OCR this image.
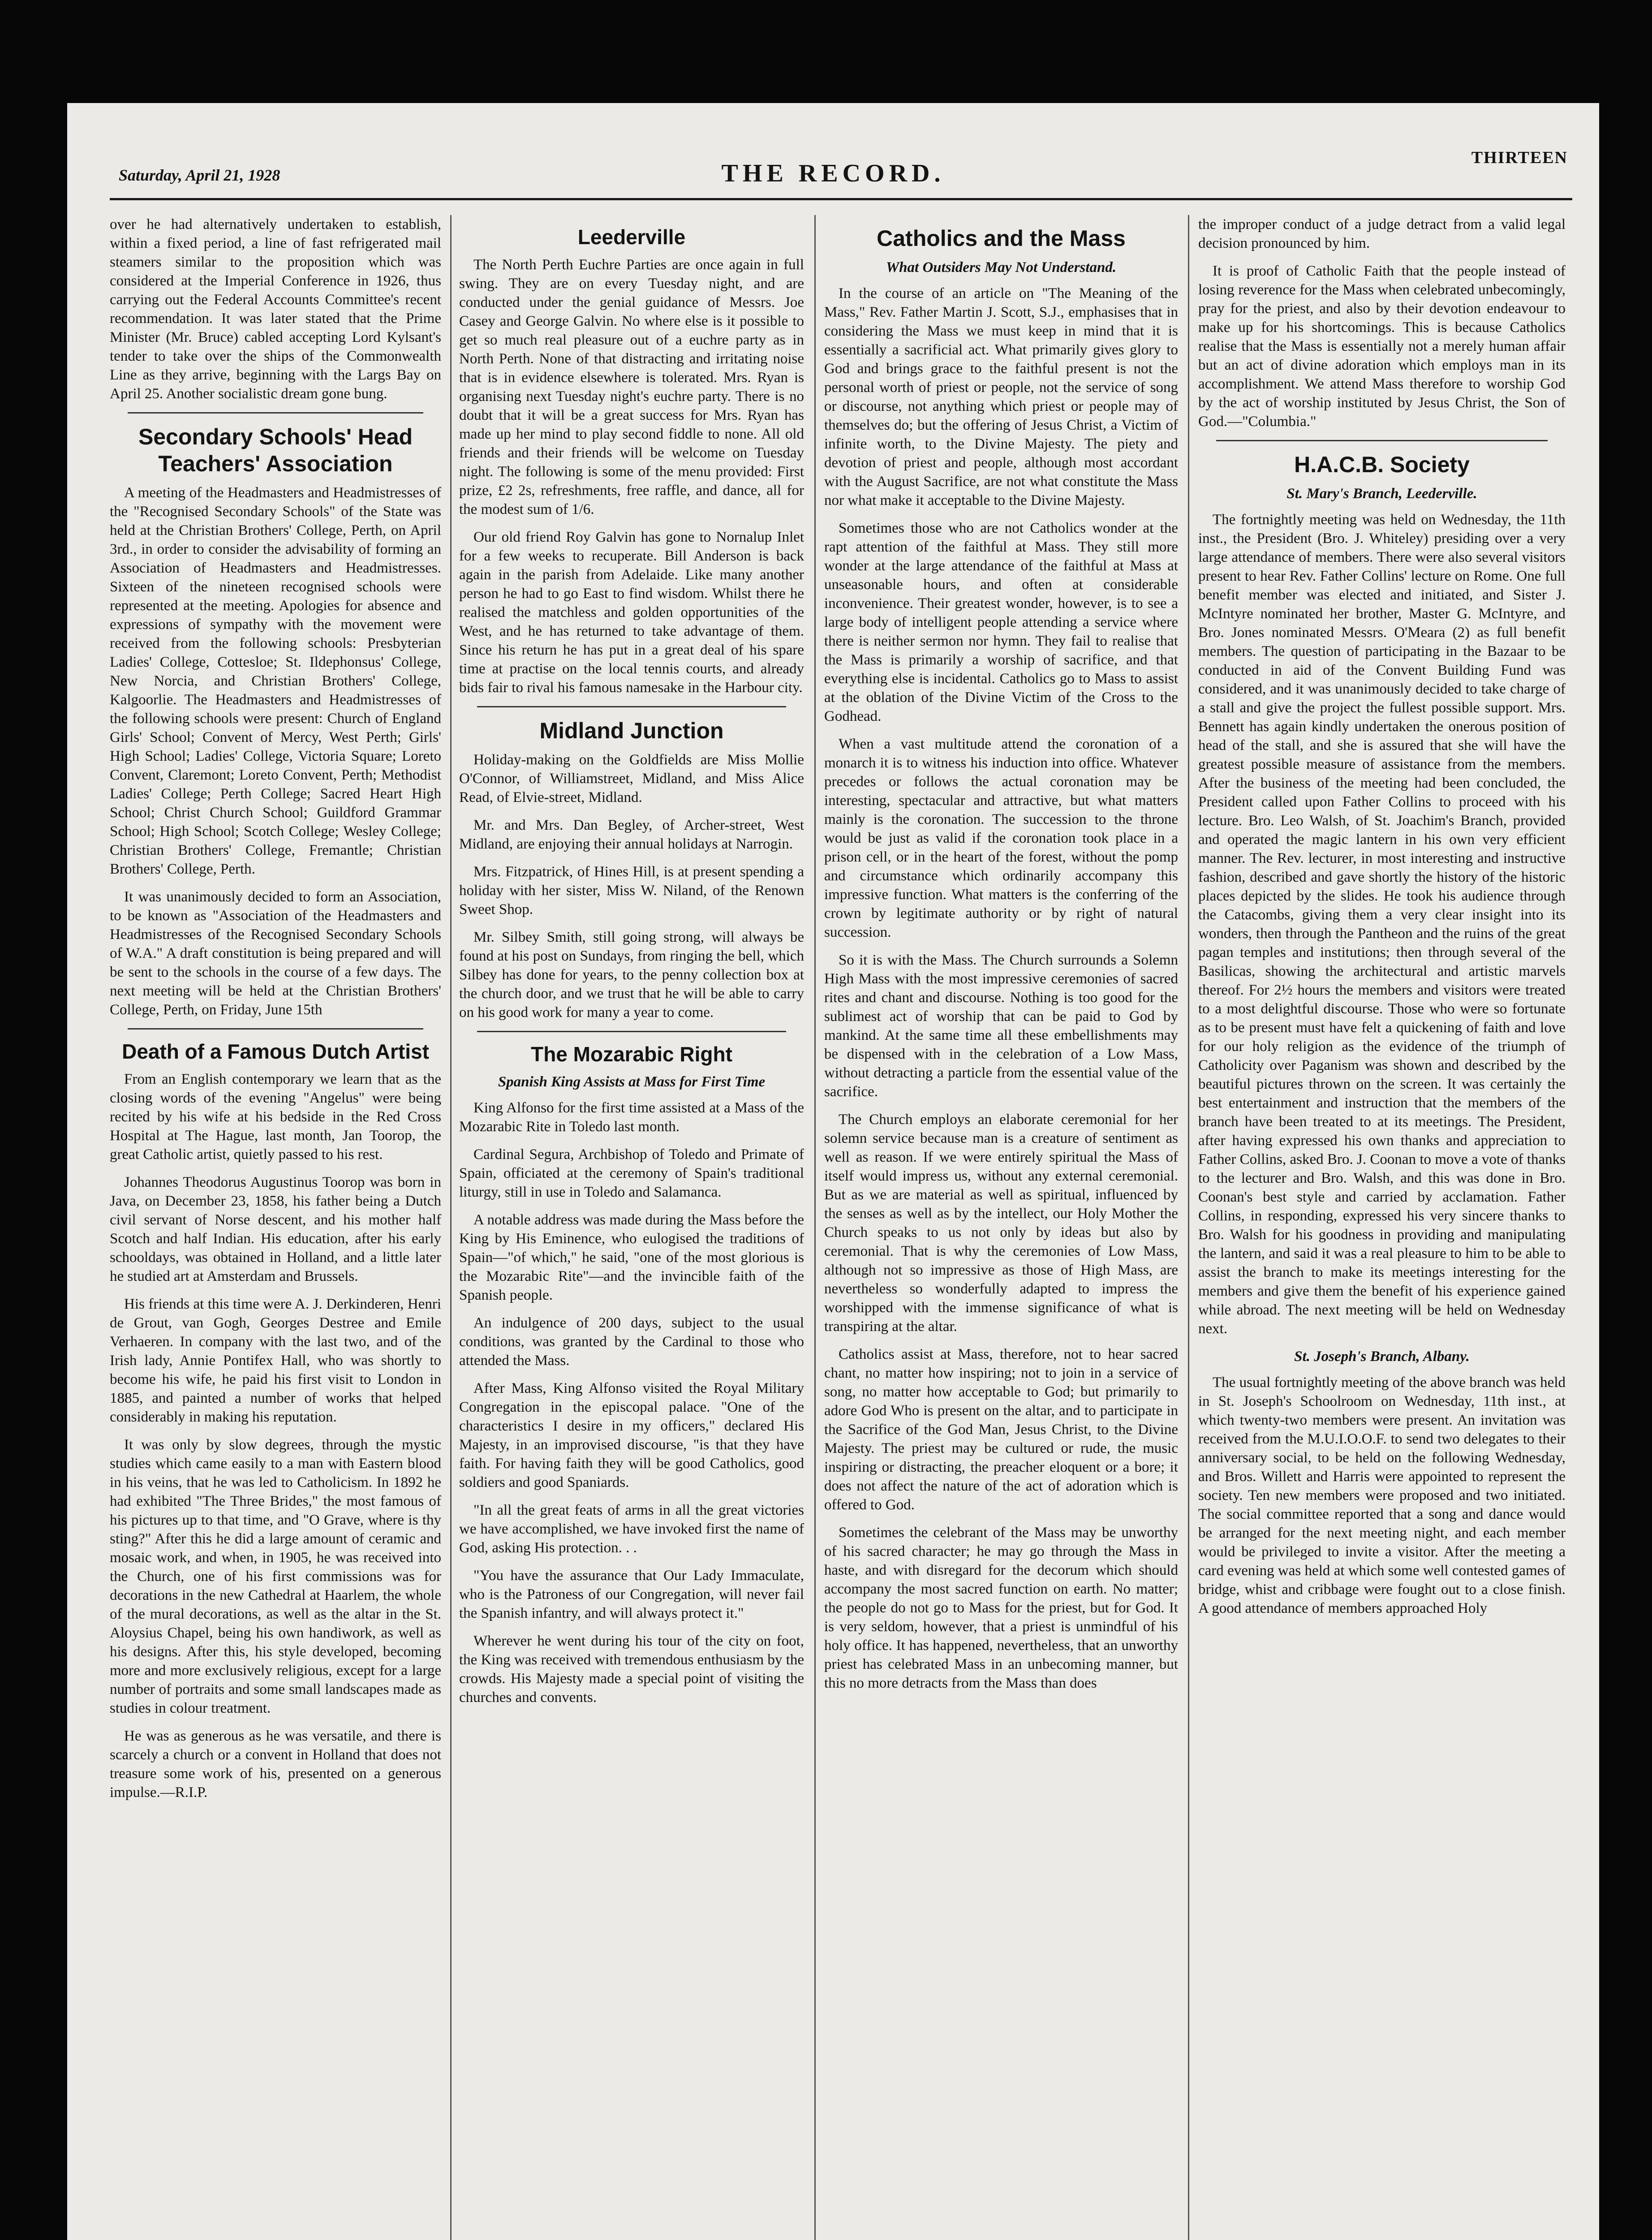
Saturday, April 21, 1928	THE RECORD.
THIRTEEN

over he had alternatively undertaken to establish, within a fixed period, a line of fast refrigerated mail steamers similar to the proposition which was considered at the Imperial Conference in 1926, thus carrying out the Federal Accounts Committee's recent recommendation. It was later stated that the Prime Minister (Mr. Bruce) cabled accepting Lord Kylsant's tender to take over the ships of the Commonwealth Line as they arrive, beginning with the Largs Bay on April 25. Another socialistic dream gone bung.

Secondary Schools' Head Teachers' Association

A meeting of the Headmasters and Headmistresses of the "Recognised Secondary Schools" of the State was held at the Christian Brothers' College, Perth, on April 3rd., in order to consider the advisability of forming an Association of Headmasters and Headmistresses. Sixteen of the nineteen recognised schools were represented at the meeting. Apologies for absence and expressions of sympathy with the movement were received from the following schools: Presbyterian Ladies' College, Cottesloe; St. Ildephonsus' College, New Norcia, and Christian Brothers' College, Kalgoorlie. The Headmasters and Headmistresses of the following schools were present: Church of England Girls' School; Convent of Mercy, West Perth; Girls' High School; Ladies' College, Victoria Square; Loreto Convent, Claremont; Loreto Convent, Perth; Methodist Ladies' College; Perth College; Sacred Heart High School; Christ Church School; Guildford Grammar School; High School; Scotch College; Wesley College; Christian Brothers' College, Fremantle; Christian Brothers' College, Perth.

It was unanimously decided to form an Association, to be known as "Association of the Headmasters and Headmistresses of the Recognised Secondary Schools of W.A." A draft constitution is being prepared and will be sent to the schools in the course of a few days. The next meeting will be held at the Christian Brothers' College, Perth, on Friday, June 15th

Death of a Famous Dutch Artist

From an English contemporary we learn that as the closing words of the evening "Angelus" were being recited by his wife at his bedside in the Red Cross Hospital at The Hague, last month, Jan Toorop, the great Catholic artist, quietly passed to his rest.

Johannes Theodorus Augustinus Toorop was born in Java, on December 23, 1858, his father being a Dutch civil servant of Norse descent, and his mother half Scotch and half Indian. His education, after his early schooldays, was obtained in Holland, and a little later he studied art at Amsterdam and Brussels.

His friends at this time were A. J. Derkinderen, Henri de Grout, van Gogh, Georges Destree and Emile Verhaeren. In company with the last two, and of the Irish lady, Annie Pontifex Hall, who was shortly to become his wife, he paid his first visit to London in 1885, and painted a number of works that helped considerably in making his reputation.

It was only by slow degrees, through the mystic studies which came easily to a man with Eastern blood in his veins, that he was led to Catholicism. In 1892 he had exhibited "The Three Brides," the most famous of his pictures up to that time, and "O Grave, where is thy sting?" After this he did a large amount of ceramic and mosaic work, and when, in 1905, he was received into the Church, one of his first commissions was for decorations in the new Cathedral at Haarlem, the whole of the mural decorations, as well as the altar in the St. Aloysius Chapel, being his own handiwork, as well as his designs. After this, his style developed, becoming more and more exclusively religious, except for a large number of portraits and some small landscapes made as studies in colour treatment.

He was as generous as he was versatile, and there is scarcely a church or a convent in Holland that does not treasure some work of his, presented on a generous impulse.—R.I.P.

Leederville

The North Perth Euchre Parties are once again in full swing. They are on every Tuesday night, and are conducted under the genial guidance of Messrs. Joe Casey and George Galvin. No where else is it possible to get so much real pleasure out of a euchre party as in North Perth. None of that distracting and irritating noise that is in evidence elsewhere is tolerated. Mrs. Ryan is organising next Tuesday night's euchre party. There is no doubt that it will be a great success for Mrs. Ryan has made up her mind to play second fiddle to none. All old friends and their friends will be welcome on Tuesday night. The following is some of the menu provided: First prize, £2 2s, refreshments, free raffle, and dance, all for the modest sum of 1/6.

Our old friend Roy Galvin has gone to Nornalup Inlet for a few weeks to recuperate. Bill Anderson is back again in the parish from Adelaide. Like many another person he had to go East to find wisdom. Whilst there he realised the matchless and golden opportunities of the West, and he has returned to take advantage of them. Since his return he has put in a great deal of his spare time at practise on the local tennis courts, and already bids fair to rival his famous namesake in the Harbour city.

Midland Junction

Holiday-making on the Goldfields are Miss Mollie O'Connor, of Williamstreet, Midland, and Miss Alice Read, of Elvie-street, Midland.

Mr. and Mrs. Dan Begley, of Archer-street, West Midland, are enjoying their annual holidays at Narrogin.

Mrs. Fitzpatrick, of Hines Hill, is at present spending a holiday with her sister, Miss W. Niland, of the Renown Sweet Shop.

Mr. Silbey Smith, still going strong, will always be found at his post on Sundays, from ringing the bell, which Silbey has done for years, to the penny collection box at the church door, and we trust that he will be able to carry on his good work for many a year to come.

The Mozarabic Right
Spanish King Assists at Mass for First Time

King Alfonso for the first time assisted at a Mass of the Mozarabic Rite in Toledo last month.

Cardinal Segura, Archbishop of Toledo and Primate of Spain, officiated at the ceremony of Spain's traditional liturgy, still in use in Toledo and Salamanca.

A notable address was made during the Mass before the King by His Eminence, who eulogised the traditions of Spain—"of which," he said, "one of the most glorious is the Mozarabic Rite"—and the invincible faith of the Spanish people.

An indulgence of 200 days, subject to the usual conditions, was granted by the Cardinal to those who attended the Mass.

After Mass, King Alfonso visited the Royal Military Congregation in the episcopal palace. "One of the characteristics I desire in my officers," declared His Majesty, in an improvised discourse, "is that they have faith. For having faith they will be good Catholics, good soldiers and good Spaniards.

"In all the great feats of arms in all the great victories we have accomplished, we have invoked first the name of God, asking His protection. . .

"You have the assurance that Our Lady Immaculate, who is the Patroness of our Congregation, will never fail the Spanish infantry, and will always protect it."

Wherever he went during his tour of the city on foot, the King was received with tremendous enthusiasm by the crowds. His Majesty made a special point of visiting the churches and convents.

Catholics and the Mass
What Outsiders May Not Understand.

In the course of an article on "The Meaning of the Mass," Rev. Father Martin J. Scott, S.J., emphasises that in considering the Mass we must keep in mind that it is essentially a sacrificial act. What primarily gives glory to God and brings grace to the faithful present is not the personal worth of priest or people, not the service of song or discourse, not anything which priest or people may of themselves do; but the offering of Jesus Christ, a Victim of infinite worth, to the Divine Majesty. The piety and devotion of priest and people, although most accordant with the August Sacrifice, are not what constitute the Mass nor what make it acceptable to the Divine Majesty.

Sometimes those who are not Catholics wonder at the rapt attention of the faithful at Mass. They still more wonder at the large attendance of the faithful at Mass at unseasonable hours, and often at considerable inconvenience. Their greatest wonder, however, is to see a large body of intelligent people attending a service where there is neither sermon nor hymn. They fail to realise that the Mass is primarily a worship of sacrifice, and that everything else is incidental. Catholics go to Mass to assist at the oblation of the Divine Victim of the Cross to the Godhead.

When a vast multitude attend the coronation of a monarch it is to witness his induction into office. Whatever precedes or follows the actual coronation may be interesting, spectacular and attractive, but what matters mainly is the coronation. The succession to the throne would be just as valid if the coronation took place in a prison cell, or in the heart of the forest, without the pomp and circumstance which ordinarily accompany this impressive function. What matters is the conferring of the crown by legitimate authority or by right of natural succession.

So it is with the Mass. The Church surrounds a Solemn High Mass with the most impressive ceremonies of sacred rites and chant and discourse. Nothing is too good for the sublimest act of worship that can be paid to God by mankind. At the same time all these embellishments may be dispensed with in the celebration of a Low Mass, without detracting a particle from the essential value of the sacrifice.

The Church employs an elaborate ceremonial for her solemn service because man is a creature of sentiment as well as reason. If we were entirely spiritual the Mass of itself would impress us, without any external ceremonial. But as we are material as well as spiritual, influenced by the senses as well as by the intellect, our Holy Mother the Church speaks to us not only by ideas but also by ceremonial. That is why the ceremonies of Low Mass, although not so impressive as those of High Mass, are nevertheless so wonderfully adapted to impress the worshipped with the immense significance of what is transpiring at the altar.

Catholics assist at Mass, therefore, not to hear sacred chant, no matter how inspiring; not to join in a service of song, no matter how acceptable to God; but primarily to adore God Who is present on the altar, and to participate in the Sacrifice of the God Man, Jesus Christ, to the Divine Majesty. The priest may be cultured or rude, the music inspiring or distracting, the preacher eloquent or a bore; it does not affect the nature of the act of adoration which is offered to God.

Sometimes the celebrant of the Mass may be unworthy of his sacred character; he may go through the Mass in haste, and with disregard for the decorum which should accompany the most sacred function on earth. No matter; the people do not go to Mass for the priest, but for God. It is very seldom, however, that a priest is unmindful of his holy office. It has happened, nevertheless, that an unworthy priest has celebrated Mass in an unbecoming manner, but this no more detracts from the Mass than does

the improper conduct of a judge detract from a valid legal decision pronounced by him.

It is proof of Catholic Faith that the people instead of losing reverence for the Mass when celebrated unbecomingly, pray for the priest, and also by their devotion endeavour to make up for his shortcomings. This is because Catholics realise that the Mass is essentially not a merely human affair but an act of divine adoration which employs man in its accomplishment. We attend Mass therefore to worship God by the act of worship instituted by Jesus Christ, the Son of God.—"Columbia."

H.A.C.B. Society
St. Mary's Branch, Leederville.

The fortnightly meeting was held on Wednesday, the 11th inst., the President (Bro. J. Whiteley) presiding over a very large attendance of members. There were also several visitors present to hear Rev. Father Collins' lecture on Rome. One full benefit member was elected and initiated, and Sister J. McIntyre nominated her brother, Master G. McIntyre, and Bro. Jones nominated Messrs. O'Meara (2) as full benefit members. The question of participating in the Bazaar to be conducted in aid of the Convent Building Fund was considered, and it was unanimously decided to take charge of a stall and give the project the fullest possible support. Mrs. Bennett has again kindly undertaken the onerous position of head of the stall, and she is assured that she will have the greatest possible measure of assistance from the members. After the business of the meeting had been concluded, the President called upon Father Collins to proceed with his lecture. Bro. Leo Walsh, of St. Joachim's Branch, provided and operated the magic lantern in his own very efficient manner. The Rev. lecturer, in most interesting and instructive fashion, described and gave shortly the history of the historic places depicted by the slides. He took his audience through the Catacombs, giving them a very clear insight into its wonders, then through the Pantheon and the ruins of the great pagan temples and institutions; then through several of the Basilicas, showing the architectural and artistic marvels thereof. For 2½ hours the members and visitors were treated to a most delightful discourse. Those who were so fortunate as to be present must have felt a quickening of faith and love for our holy religion as the evidence of the triumph of Catholicity over Paganism was shown and described by the beautiful pictures thrown on the screen. It was certainly the best entertainment and instruction that the members of the branch have been treated to at its meetings. The President, after having expressed his own thanks and appreciation to Father Collins, asked Bro. J. Coonan to move a vote of thanks to the lecturer and Bro. Walsh, and this was done in Bro. Coonan's best style and carried by acclamation. Father Collins, in responding, expressed his very sincere thanks to Bro. Walsh for his goodness in providing and manipulating the lantern, and said it was a real pleasure to him to be able to assist the branch to make its meetings interesting for the members and give them the benefit of his experience gained while abroad. The next meeting will be held on Wednesday next.

St. Joseph's Branch, Albany.

The usual fortnightly meeting of the above branch was held in St. Joseph's Schoolroom on Wednesday, 11th inst., at which twenty-two members were present. An invitation was received from the M.U.I.O.O.F. to send two delegates to their anniversary social, to be held on the following Wednesday, and Bros. Willett and Harris were appointed to represent the society. Ten new members were proposed and two initiated. The social committee reported that a song and dance would be arranged for the next meeting night, and each member would be privileged to invite a visitor. After the meeting a card evening was held at which some well contested games of bridge, whist and cribbage were fought out to a close finish. A good attendance of members approached Holy
